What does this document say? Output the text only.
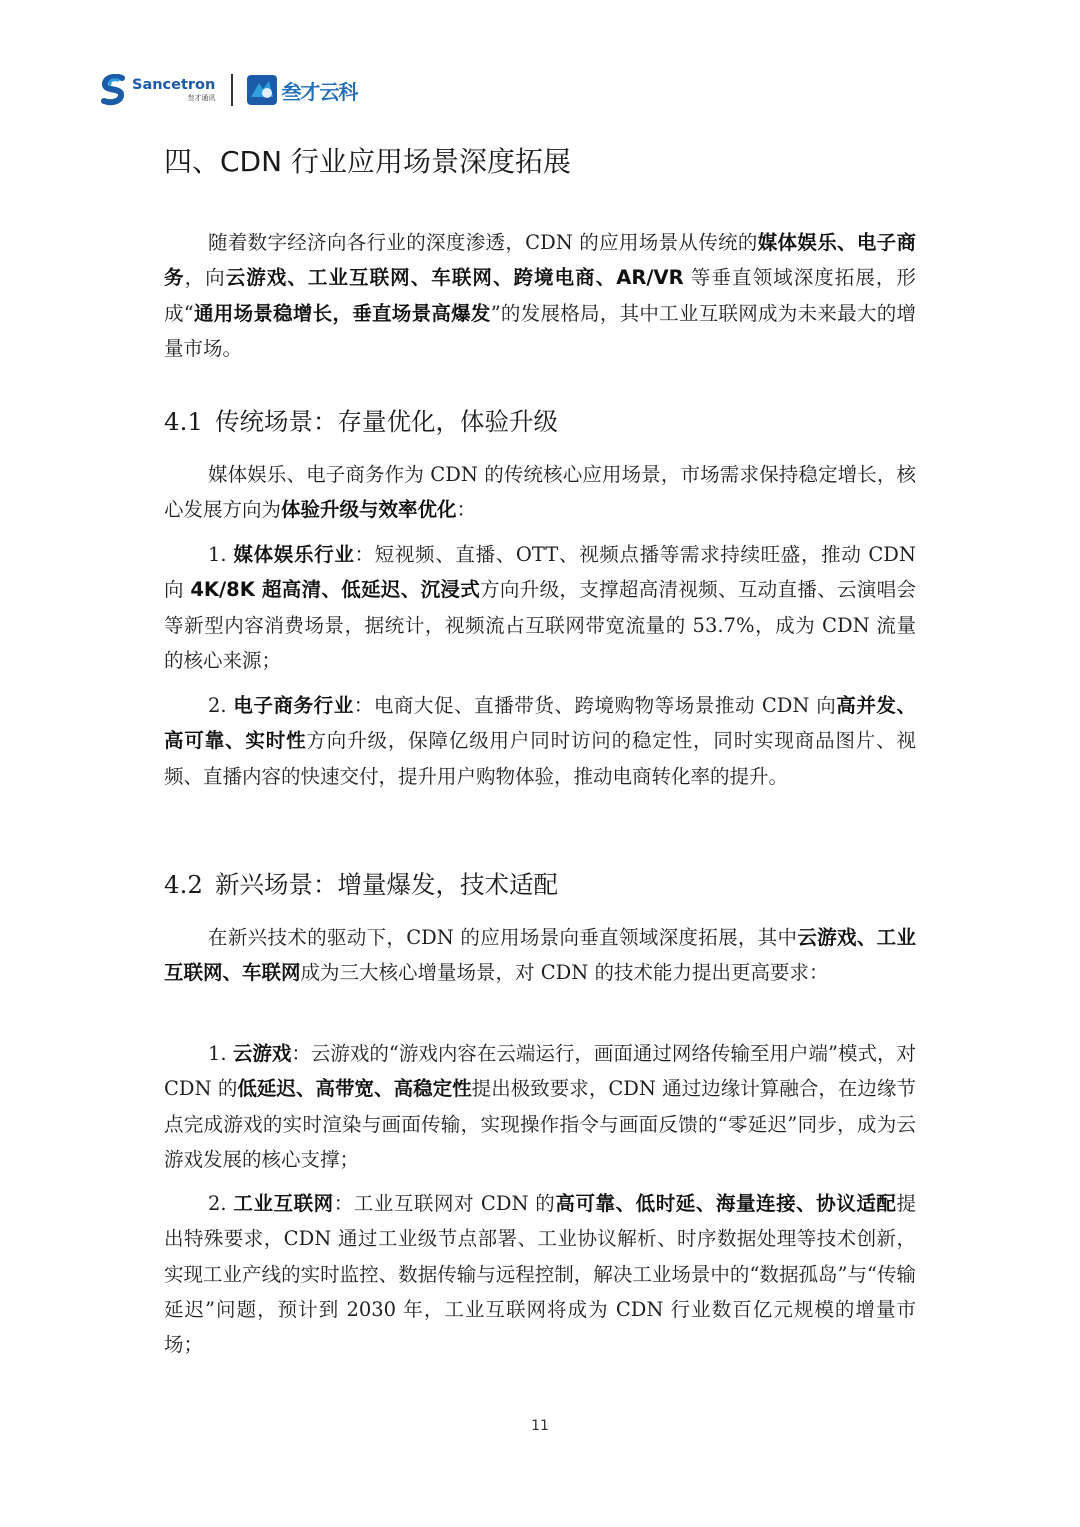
Sancetron
叁才通讯	叁才云科
四、CDN 行业应用场景深度拓展

随着数字经济向各行业的深度渗透，CDN 的应用场景从传统的媒体娱乐、电子商务，向云游戏、工业互联网、车联网、跨境电商、AR/VR 等垂直领域深度拓展，形成“通用场景稳增长，垂直场景高爆发”的发展格局，其中工业互联网成为未来最大的增量市场。

4.1 传统场景：存量优化，体验升级

媒体娱乐、电子商务作为 CDN 的传统核心应用场景，市场需求保持稳定增长，核心发展方向为体验升级与效率优化：

1. 媒体娱乐行业：短视频、直播、OTT、视频点播等需求持续旺盛，推动 CDN 向 4K/8K 超高清、低延迟、沉浸式方向升级，支撑超高清视频、互动直播、云演唱会等新型内容消费场景，据统计，视频流占互联网带宽流量的 53.7%，成为 CDN 流量的核心来源；

2. 电子商务行业：电商大促、直播带货、跨境购物等场景推动 CDN 向高并发、高可靠、实时性方向升级，保障亿级用户同时访问的稳定性，同时实现商品图片、视频、直播内容的快速交付，提升用户购物体验，推动电商转化率的提升。

4.2 新兴场景：增量爆发，技术适配

在新兴技术的驱动下，CDN 的应用场景向垂直领域深度拓展，其中云游戏、工业互联网、车联网成为三大核心增量场景，对 CDN 的技术能力提出更高要求：

1. 云游戏：云游戏的“游戏内容在云端运行，画面通过网络传输至用户端”模式，对 CDN 的低延迟、高带宽、高稳定性提出极致要求，CDN 通过边缘计算融合，在边缘节点完成游戏的实时渲染与画面传输，实现操作指令与画面反馈的“零延迟”同步，成为云游戏发展的核心支撑；

2. 工业互联网：工业互联网对 CDN 的高可靠、低时延、海量连接、协议适配提出特殊要求，CDN 通过工业级节点部署、工业协议解析、时序数据处理等技术创新，实现工业产线的实时监控、数据传输与远程控制，解决工业场景中的“数据孤岛”与“传输延迟”问题，预计到 2030 年，工业互联网将成为 CDN 行业数百亿元规模的增量市场；

11
